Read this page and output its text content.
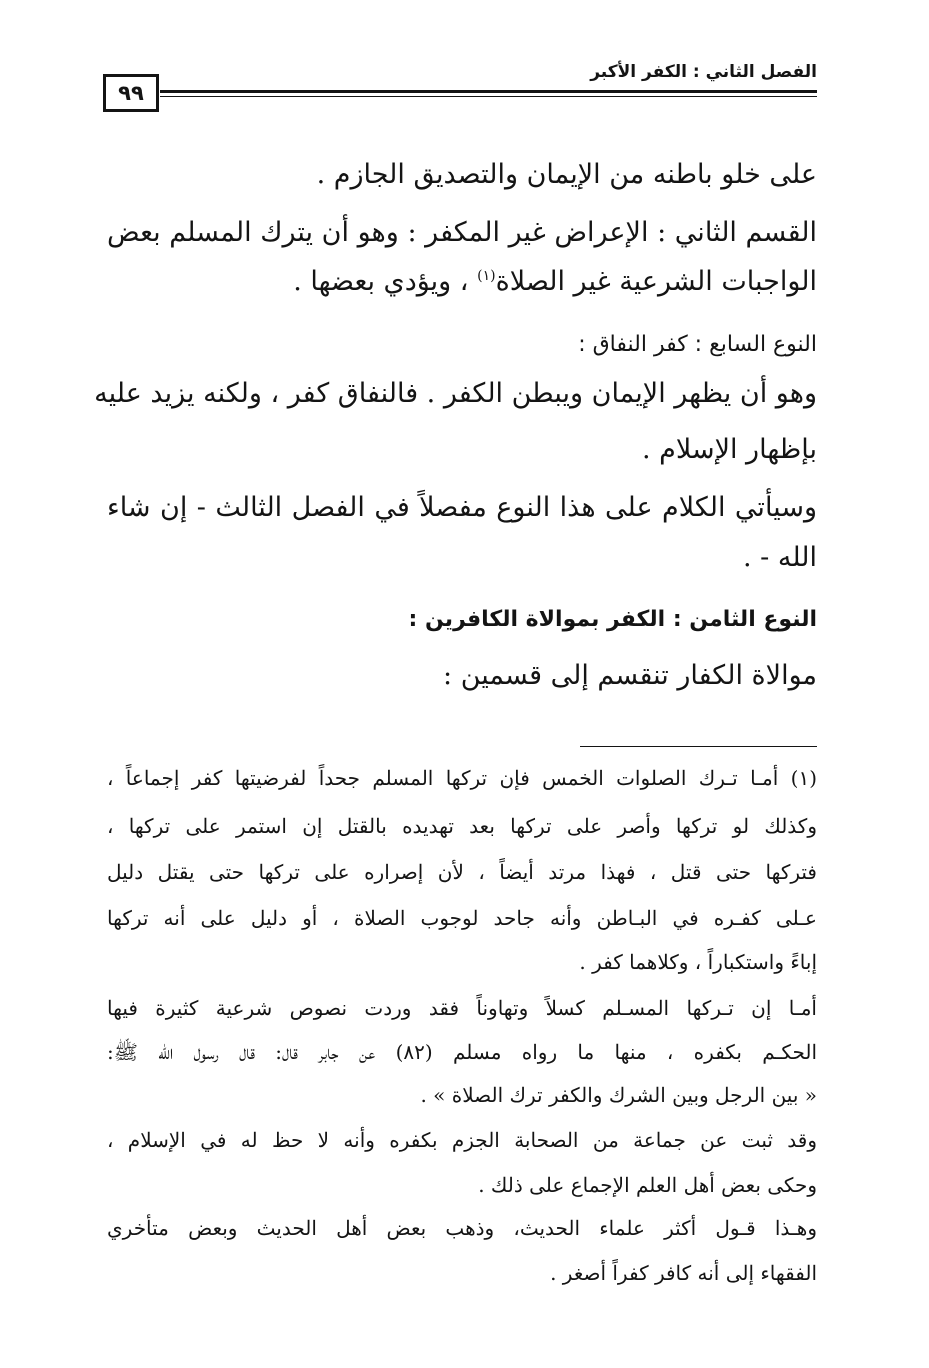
الفصل الثاني : الكفر الأكبر
٩٩
على خلو باطنه من الإيمان والتصديق الجازم .
القسم الثاني : الإعراض غير المكفر : وهو أن يترك المسلم بعض
الواجبات الشرعية غير الصلاة$^{(١)}$ ، ويؤدي بعضها .
النوع السابع : كفر النفاق :
وهو أن يظهر الإيمان ويبطن الكفر . فالنفاق كفر ، ولكنه يزيد عليه
بإظهار الإسلام .
وسيأتي الكلام على هذا النوع مفصلاً في الفصل الثالث - إن شاء
الله - .
النوع الثامن : الكفر بموالاة الكافرين :
موالاة الكفار تنقسم إلى قسمين :
(١) أمـا تـرك الصلوات الخمس فإن تركها المسلم جحداً لفرضيتها كفر إجماعاً ،
وكذلك لو تركها وأصر على تركها بعد تهديده بالقتل إن استمر على تركها ،
فتركها حتى قتل ، فهذا مرتد أيضاً ، لأن إصراره على تركها حتى يقتل دليل
عـلى كفـره في البـاطن وأنه جاحد لوجوب الصلاة ، أو دليل على أنه تركها
إباءً واستكباراً ، وكلاهما كفر .
أمـا إن تـركها المسـلم كسلاً وتهاوناً فقد وردت نصوص شرعية كثيرة فيها
الحكـم بكفره ، منها ما رواه مسلم (٨٢) عن جابر قال: قال رسول الله ﷺ:
« بين الرجل وبين الشرك والكفر ترك الصلاة » .
وقد ثبت عن جماعة من الصحابة الجزم بكفره وأنه لا حظ له في الإسلام ،
وحكى بعض أهل العلم الإجماع على ذلك .
وهـذا قـول أكثر علماء الحديث، وذهب بعض أهل الحديث وبعض متأخري
الفقهاء إلى أنه كافر كفراً أصغر .
